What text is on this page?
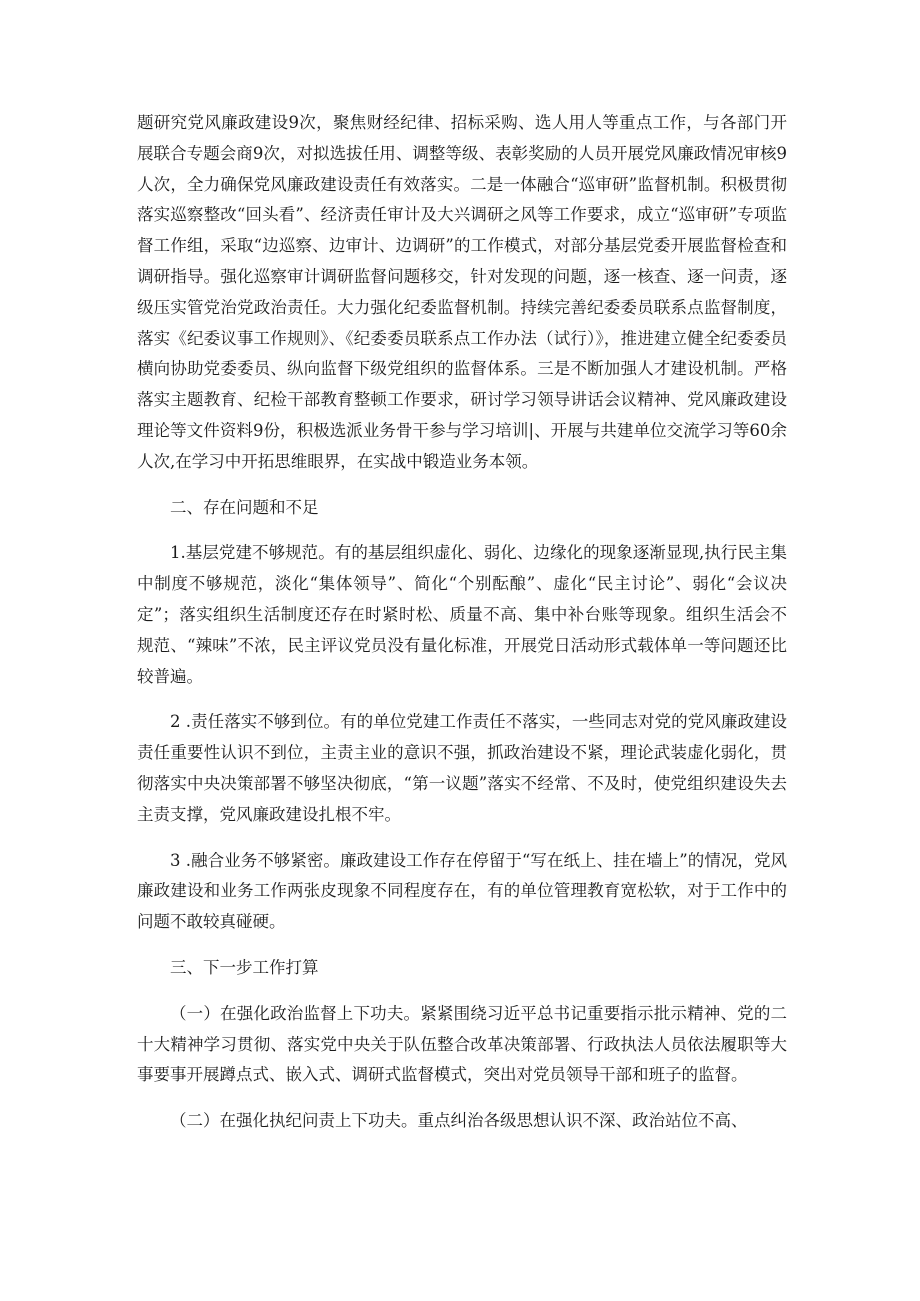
题研究党风廉政建设9次，聚焦财经纪律、招标采购、选人用人等重点工作，与各部门开展联合专题会商9次，对拟选拔任用、调整等级、表彰奖励的人员开展党风廉政情况审核9人次，全力确保党风廉政建设责任有效落实。二是一体融合“巡审研”监督机制。积极贯彻落实巡察整改“回头看”、经济责任审计及大兴调研之风等工作要求，成立“巡审研”专项监督工作组，采取“边巡察、边审计、边调研”的工作模式，对部分基层党委开展监督检查和调研指导。强化巡察审计调研监督问题移交，针对发现的问题，逐一核查、逐一问责，逐级压实管党治党政治责任。大力强化纪委监督机制。持续完善纪委委员联系点监督制度，落实《纪委议事工作规则》、《纪委委员联系点工作办法（试行）》，推进建立健全纪委委员横向协助党委委员、纵向监督下级党组织的监督体系。三是不断加强人才建设机制。严格落实主题教育、纪检干部教育整顿工作要求，研讨学习领导讲话会议精神、党风廉政建设理论等文件资料9份，积极选派业务骨干参与学习培训|、开展与共建单位交流学习等60余人次,在学习中开拓思维眼界，在实战中锻造业务本领。

二、存在问题和不足

1.基层党建不够规范。有的基层组织虚化、弱化、边缘化的现象逐渐显现,执行民主集中制度不够规范，淡化“集体领导”、简化“个别酝酿”、虚化“民主讨论”、弱化“会议决定”；落实组织生活制度还存在时紧时松、质量不高、集中补台账等现象。组织生活会不规范、“辣味”不浓，民主评议党员没有量化标准，开展党日活动形式载体单一等问题还比较普遍。

2 .责任落实不够到位。有的单位党建工作责任不落实，一些同志对党的党风廉政建设责任重要性认识不到位，主责主业的意识不强，抓政治建设不紧，理论武装虚化弱化，贯彻落实中央决策部署不够坚决彻底，“第一议题”落实不经常、不及时，使党组织建设失去主责支撑，党风廉政建设扎根不牢。

3 .融合业务不够紧密。廉政建设工作存在停留于“写在纸上、挂在墙上”的情况，党风廉政建设和业务工作两张皮现象不同程度存在，有的单位管理教育宽松软，对于工作中的问题不敢较真碰硬。

三、下一步工作打算

（一）在强化政治监督上下功夫。紧紧围绕习近平总书记重要指示批示精神、党的二十大精神学习贯彻、落实党中央关于队伍整合改革决策部署、行政执法人员依法履职等大事要事开展蹲点式、嵌入式、调研式监督模式，突出对党员领导干部和班子的监督。

（二）在强化执纪问责上下功夫。重点纠治各级思想认识不深、政治站位不高、
